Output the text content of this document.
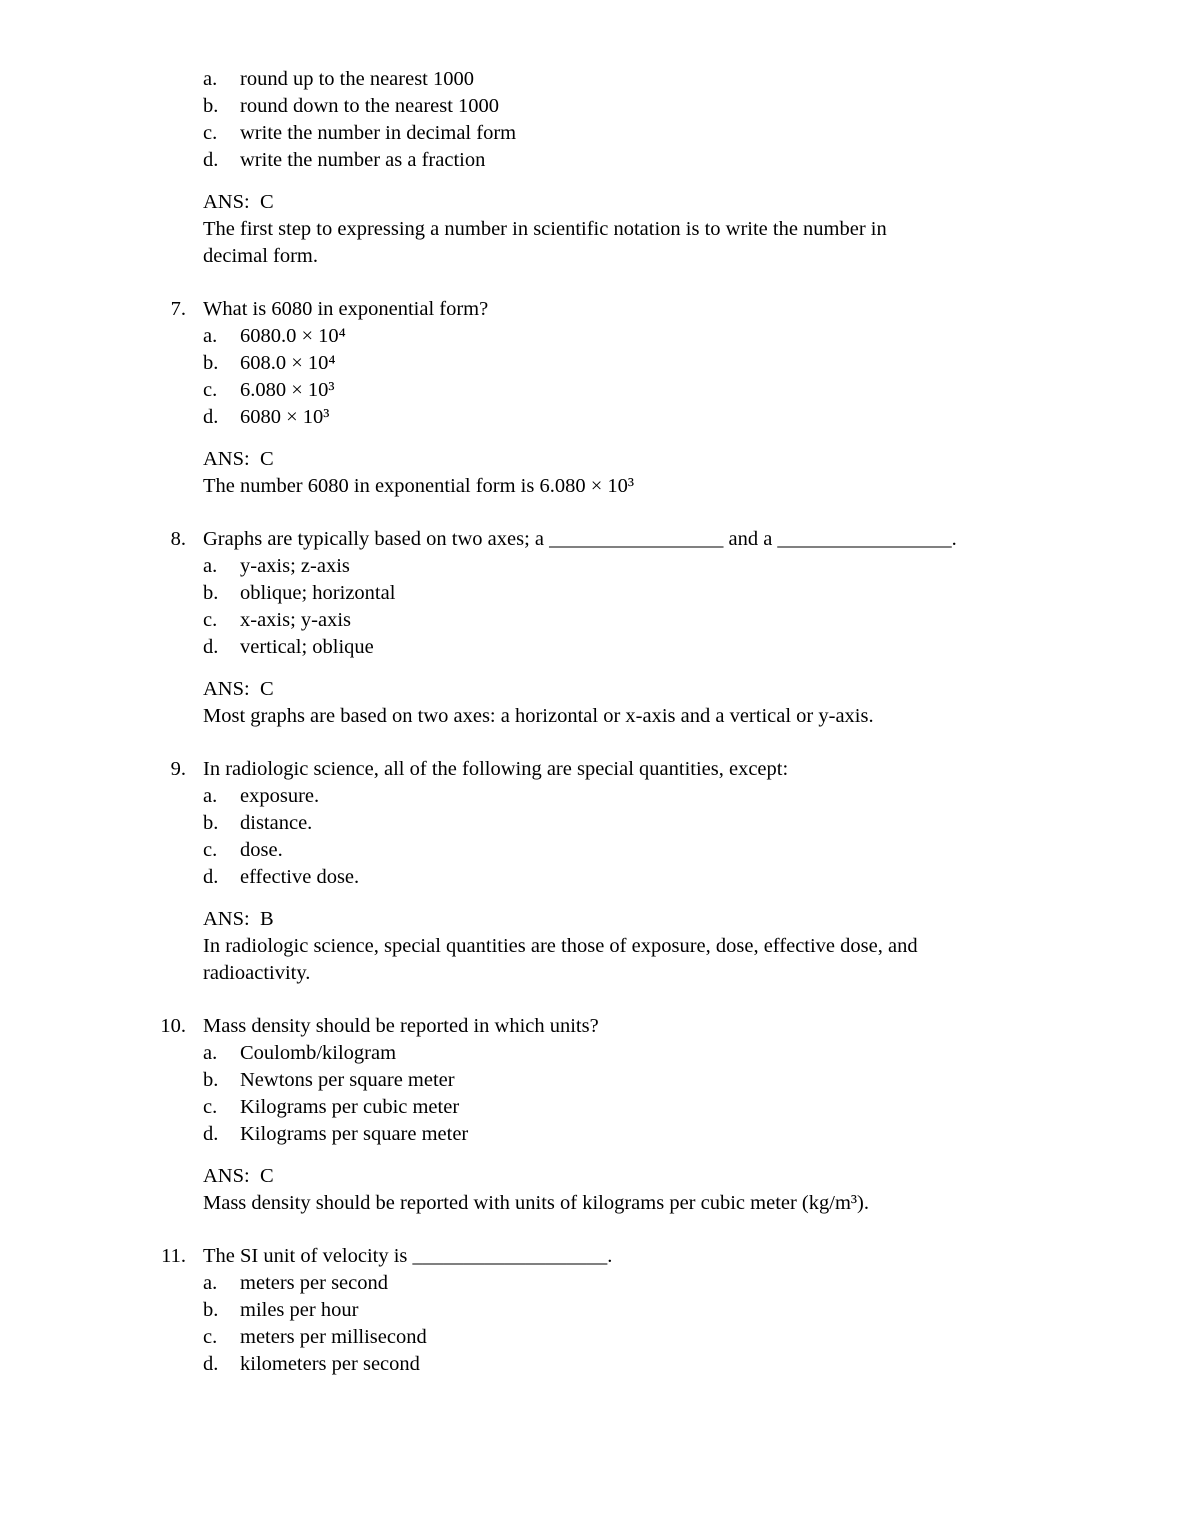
a.	round up to the nearest 1000
b.	round down to the nearest 1000
c.	write the number in decimal form
d.	write the number as a fraction
ANS:  C
The first step to expressing a number in scientific notation is to write the number in
decimal form.
7. What is 6080 in exponential form?
a.	6080.0 × 10⁴
b.	608.0 × 10⁴
c.	6.080 × 10³
d.	6080 × 10³
ANS:  C
The number 6080 in exponential form is 6.080 × 10³
8. Graphs are typically based on two axes; a _________________ and a _________________.
a.	y-axis; z-axis
b.	oblique; horizontal
c.	x-axis; y-axis
d.	vertical; oblique
ANS:  C
Most graphs are based on two axes: a horizontal or x-axis and a vertical or y-axis.
9. In radiologic science, all of the following are special quantities, except:
a.	exposure.
b.	distance.
c.	dose.
d.	effective dose.
ANS:  B
In radiologic science, special quantities are those of exposure, dose, effective dose, and
radioactivity.
10. Mass density should be reported in which units?
a.	Coulomb/kilogram
b.	Newtons per square meter
c.	Kilograms per cubic meter
d.	Kilograms per square meter
ANS:  C
Mass density should be reported with units of kilograms per cubic meter (kg/m³).
11. The SI unit of velocity is ___________________.
a.	meters per second
b.	miles per hour
c.	meters per millisecond
d.	kilometers per second
